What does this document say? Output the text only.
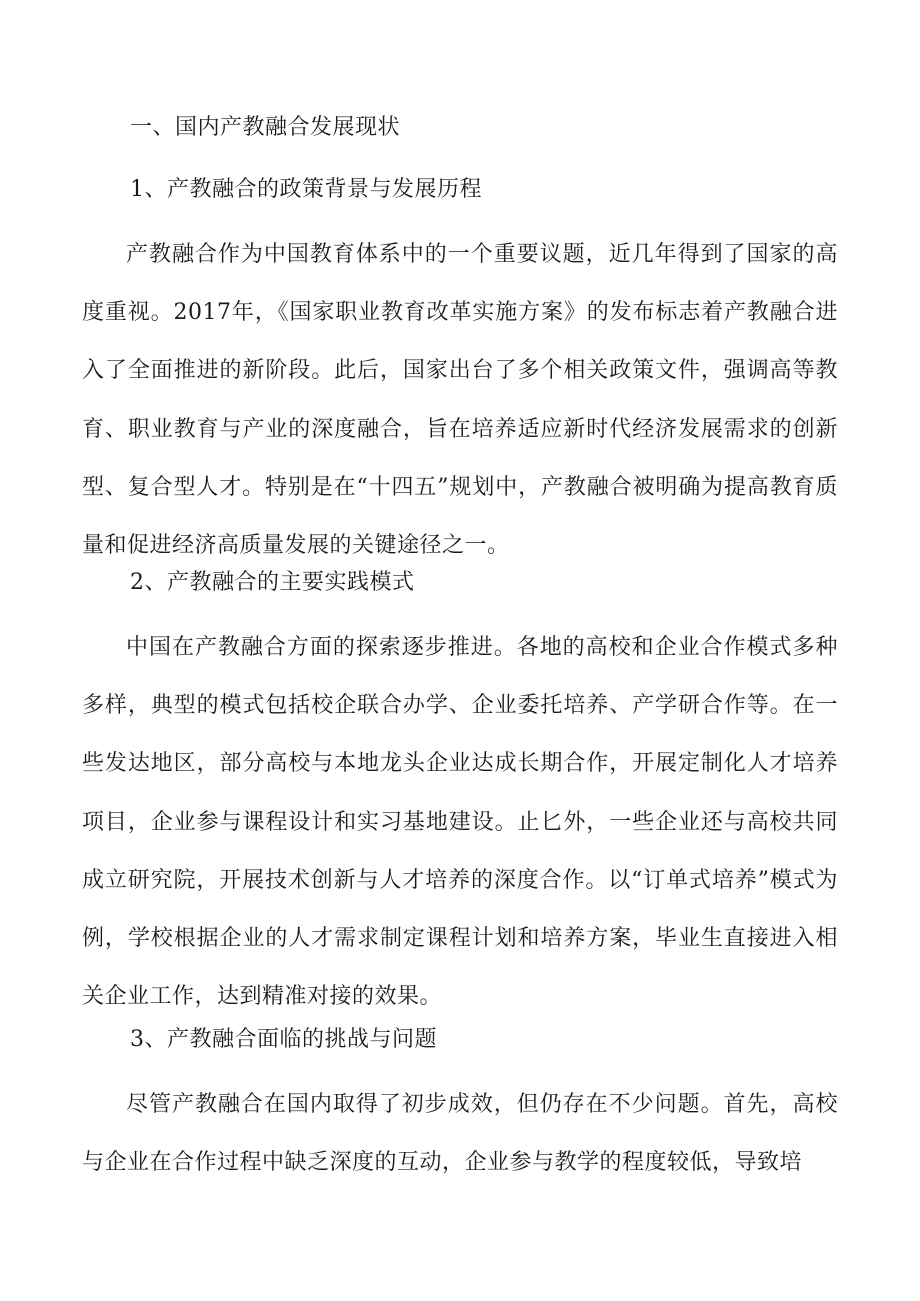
一、国内产教融合发展现状
1、产教融合的政策背景与发展历程
产教融合作为中国教育体系中的一个重要议题，近几年得到了国家的高度重视。2017年，《国家职业教育改革实施方案》的发布标志着产教融合进入了全面推进的新阶段。此后，国家出台了多个相关政策文件，强调高等教育、职业教育与产业的深度融合，旨在培养适应新时代经济发展需求的创新型、复合型人才。特别是在“十四五”规划中，产教融合被明确为提高教育质量和促进经济高质量发展的关键途径之一。
2、产教融合的主要实践模式
中国在产教融合方面的探索逐步推进。各地的高校和企业合作模式多种多样，典型的模式包括校企联合办学、企业委托培养、产学研合作等。在一些发达地区，部分高校与本地龙头企业达成长期合作，开展定制化人才培养项目，企业参与课程设计和实习基地建设。止匕外，一些企业还与高校共同成立研究院，开展技术创新与人才培养的深度合作。以“订单式培养”模式为例，学校根据企业的人才需求制定课程计划和培养方案，毕业生直接进入相关企业工作，达到精准对接的效果。
3、产教融合面临的挑战与问题
尽管产教融合在国内取得了初步成效，但仍存在不少问题。首先，高校与企业在合作过程中缺乏深度的互动，企业参与教学的程度较低，导致培
